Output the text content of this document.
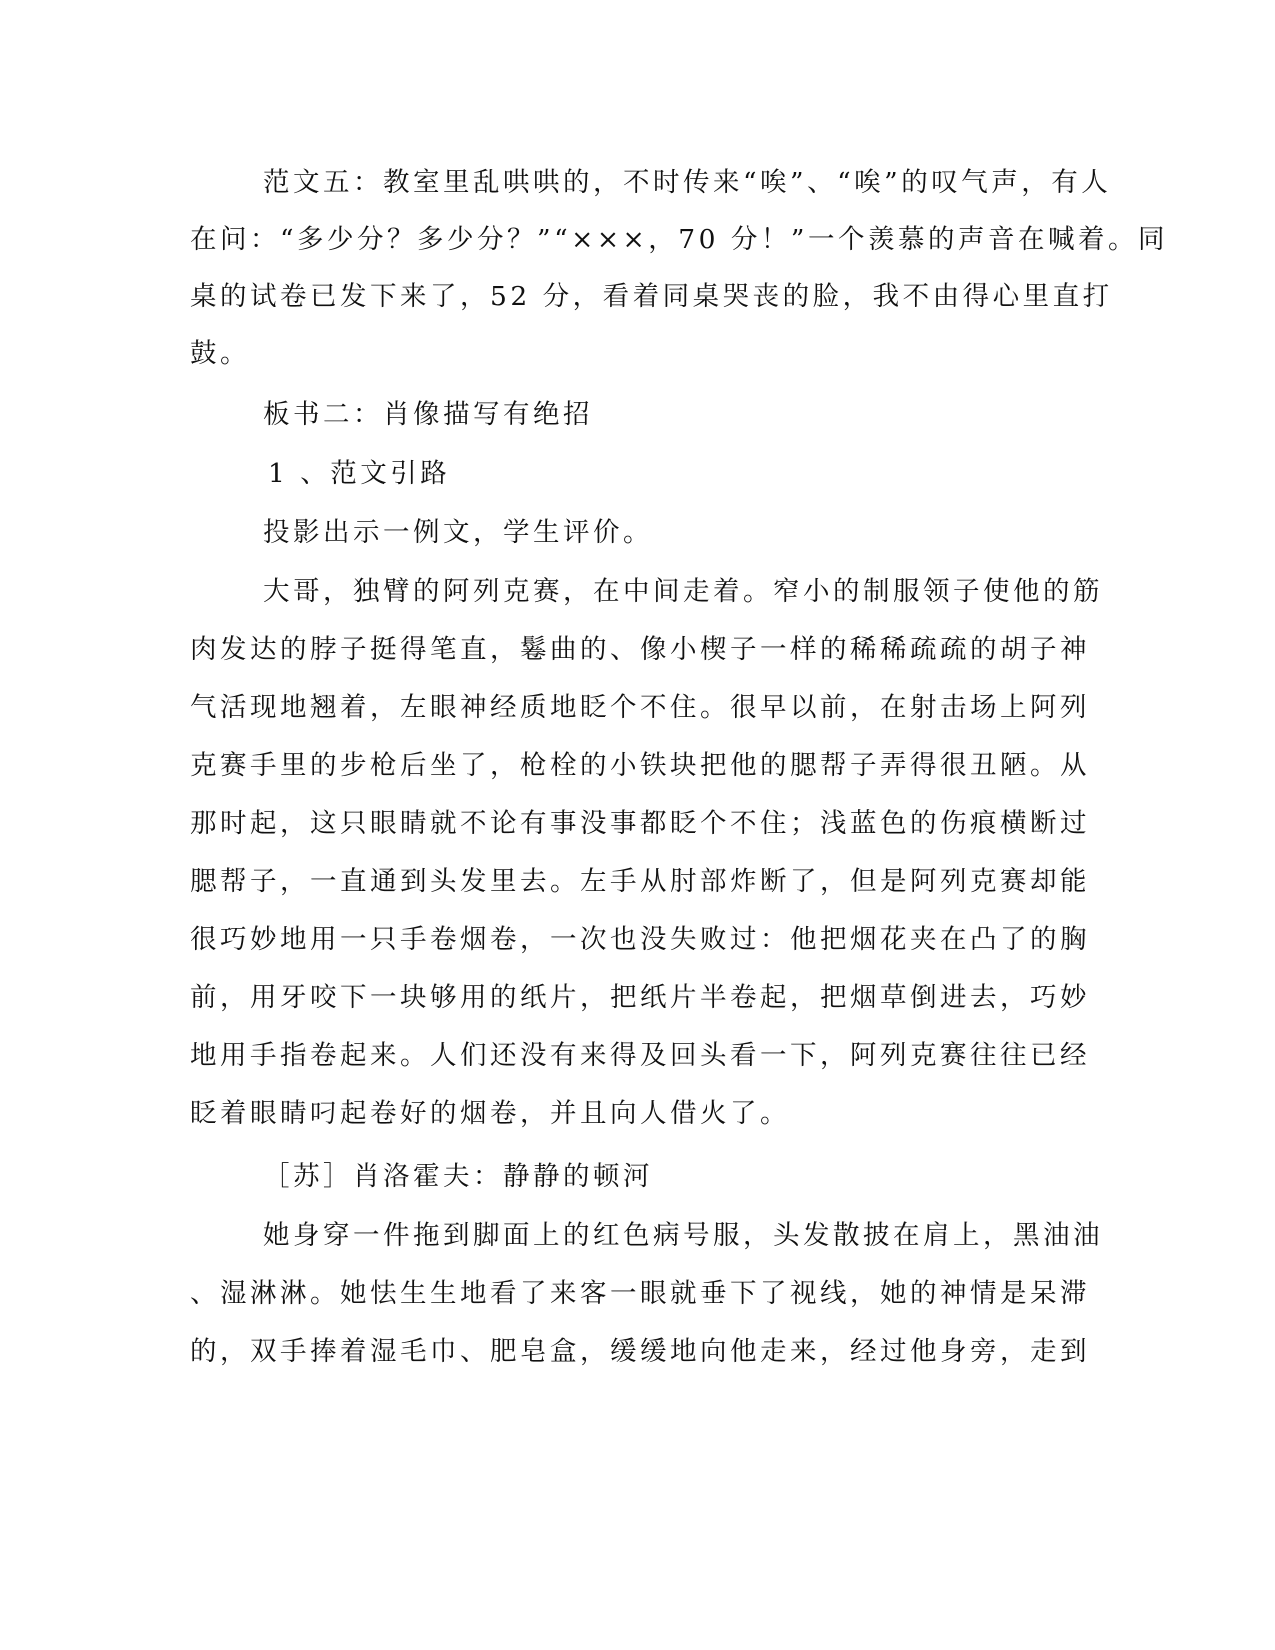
范文五：教室里乱哄哄的，不时传来“唉”、“唉”的叹气声，有人
在问：“多少分？多少分？”“×××，70 分！”一个羡慕的声音在喊着。同
桌的试卷已发下来了，52 分，看着同桌哭丧的脸，我不由得心里直打
鼓。
板书二：肖像描写有绝招
1 、范文引路
投影出示一例文，学生评价。
大哥，独臂的阿列克赛，在中间走着。窄小的制服领子使他的筋
肉发达的脖子挺得笔直，鬈曲的、像小楔子一样的稀稀疏疏的胡子神
气活现地翘着，左眼神经质地眨个不住。很早以前，在射击场上阿列
克赛手里的步枪后坐了，枪栓的小铁块把他的腮帮子弄得很丑陋。从
那时起，这只眼睛就不论有事没事都眨个不住；浅蓝色的伤痕横断过
腮帮子，一直通到头发里去。左手从肘部炸断了，但是阿列克赛却能
很巧妙地用一只手卷烟卷，一次也没失败过：他把烟花夹在凸了的胸
前，用牙咬下一块够用的纸片，把纸片半卷起，把烟草倒进去，巧妙
地用手指卷起来。人们还没有来得及回头看一下，阿列克赛往往已经
眨着眼睛叼起卷好的烟卷，并且向人借火了。
［苏］肖洛霍夫：静静的顿河
她身穿一件拖到脚面上的红色病号服，头发散披在肩上，黑油油
、湿淋淋。她怯生生地看了来客一眼就垂下了视线，她的神情是呆滞
的，双手捧着湿毛巾、肥皂盒，缓缓地向他走来，经过他身旁，走到
